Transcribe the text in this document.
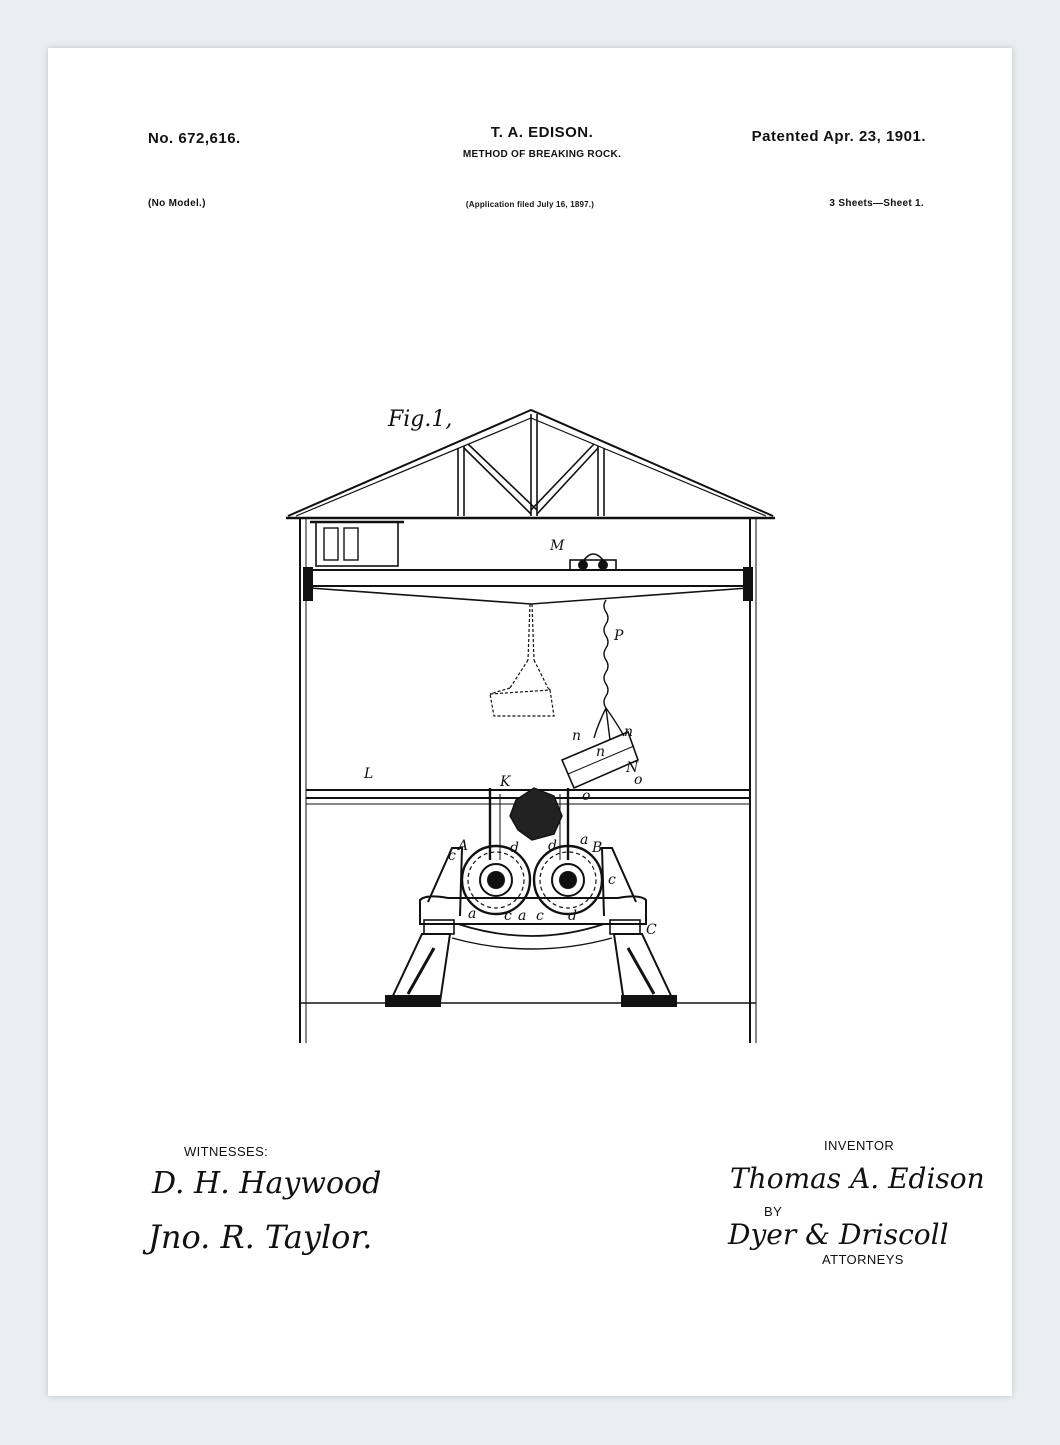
No. 672,616.	T. A. EDISON.
METHOD OF BREAKING ROCK.
Patented Apr. 23, 1901.
(No Model.)	(Application filed July 16, 1897.)	3 Sheets—Sheet 1.
Fig.1,
M
P
L	K
N
n	n
n
o
o
A	B
C
c
c
c c
a
a	a
d d
d
WITNESSES:
D. H. Haywood
Jno. R. Taylor.
INVENTOR
Thomas A. Edison
BY
Dyer & Driscoll
ATTORNEYS
